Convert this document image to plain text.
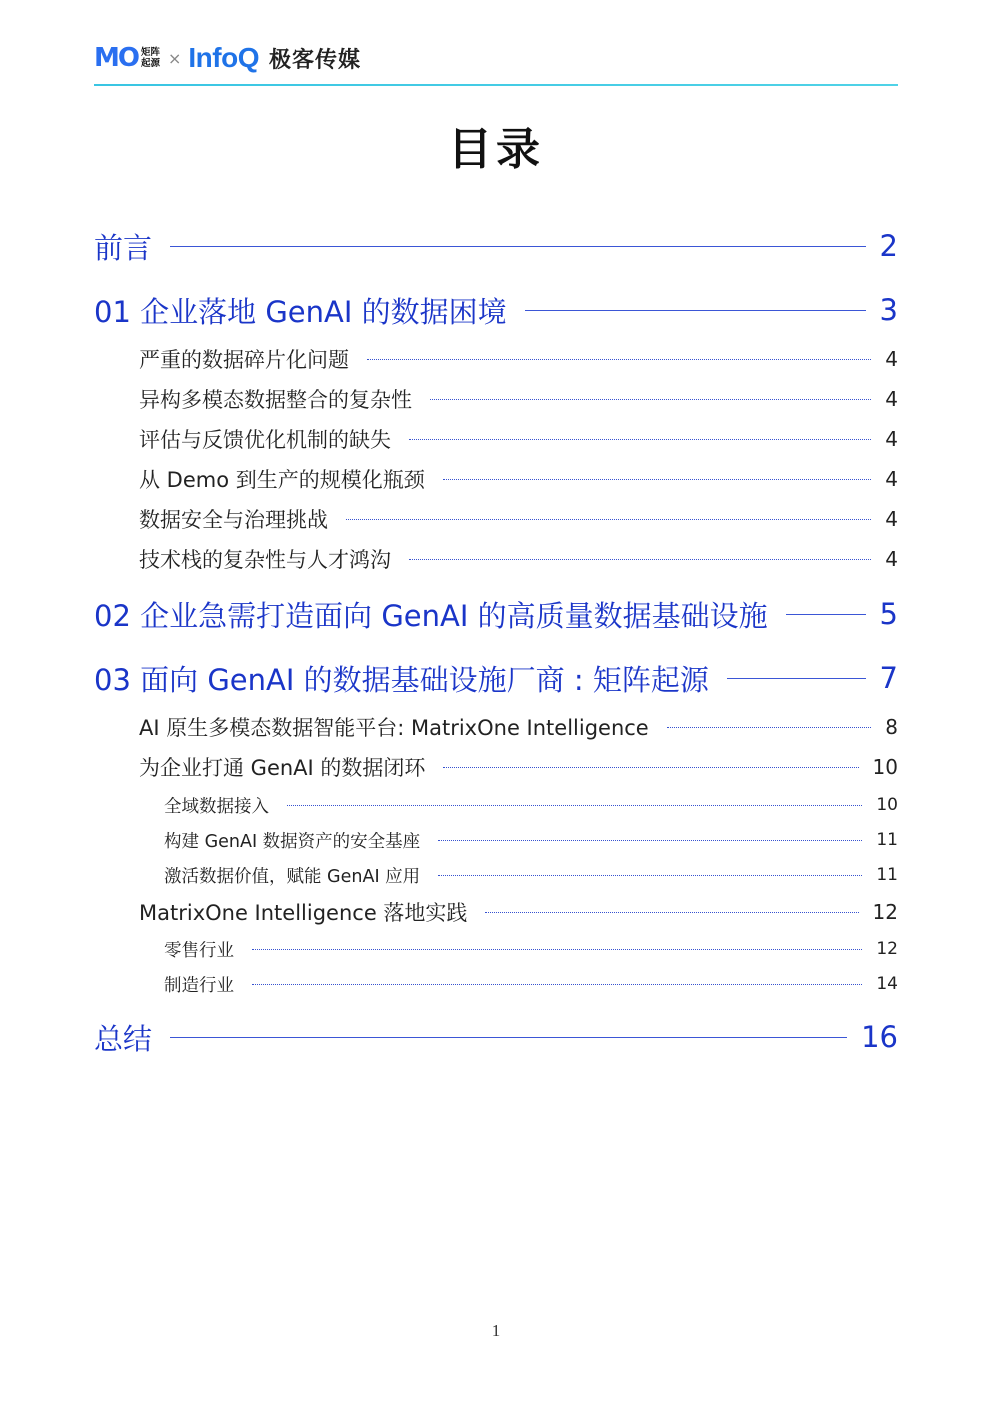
MO 矩阵
起源 × InfoQ 极客传媒
目录
前言	2
01 企业落地 GenAI 的数据困境	3
严重的数据碎片化问题	4
异构多模态数据整合的复杂性	4
评估与反馈优化机制的缺失	4
从 Demo 到生产的规模化瓶颈	4
数据安全与治理挑战	4
技术栈的复杂性与人才鸿沟	4
02 企业急需打造面向 GenAI 的高质量数据基础设施	5
03 面向 GenAI 的数据基础设施厂商 : 矩阵起源	7
AI 原生多模态数据智能平台: MatrixOne Intelligence	8
为企业打通 GenAI 的数据闭环	10
全域数据接入	10
构建 GenAI 数据资产的安全基座	11
激活数据价值，赋能 GenAI 应用	11
MatrixOne Intelligence 落地实践	12
零售行业	12
制造行业	14
总结	16
1
